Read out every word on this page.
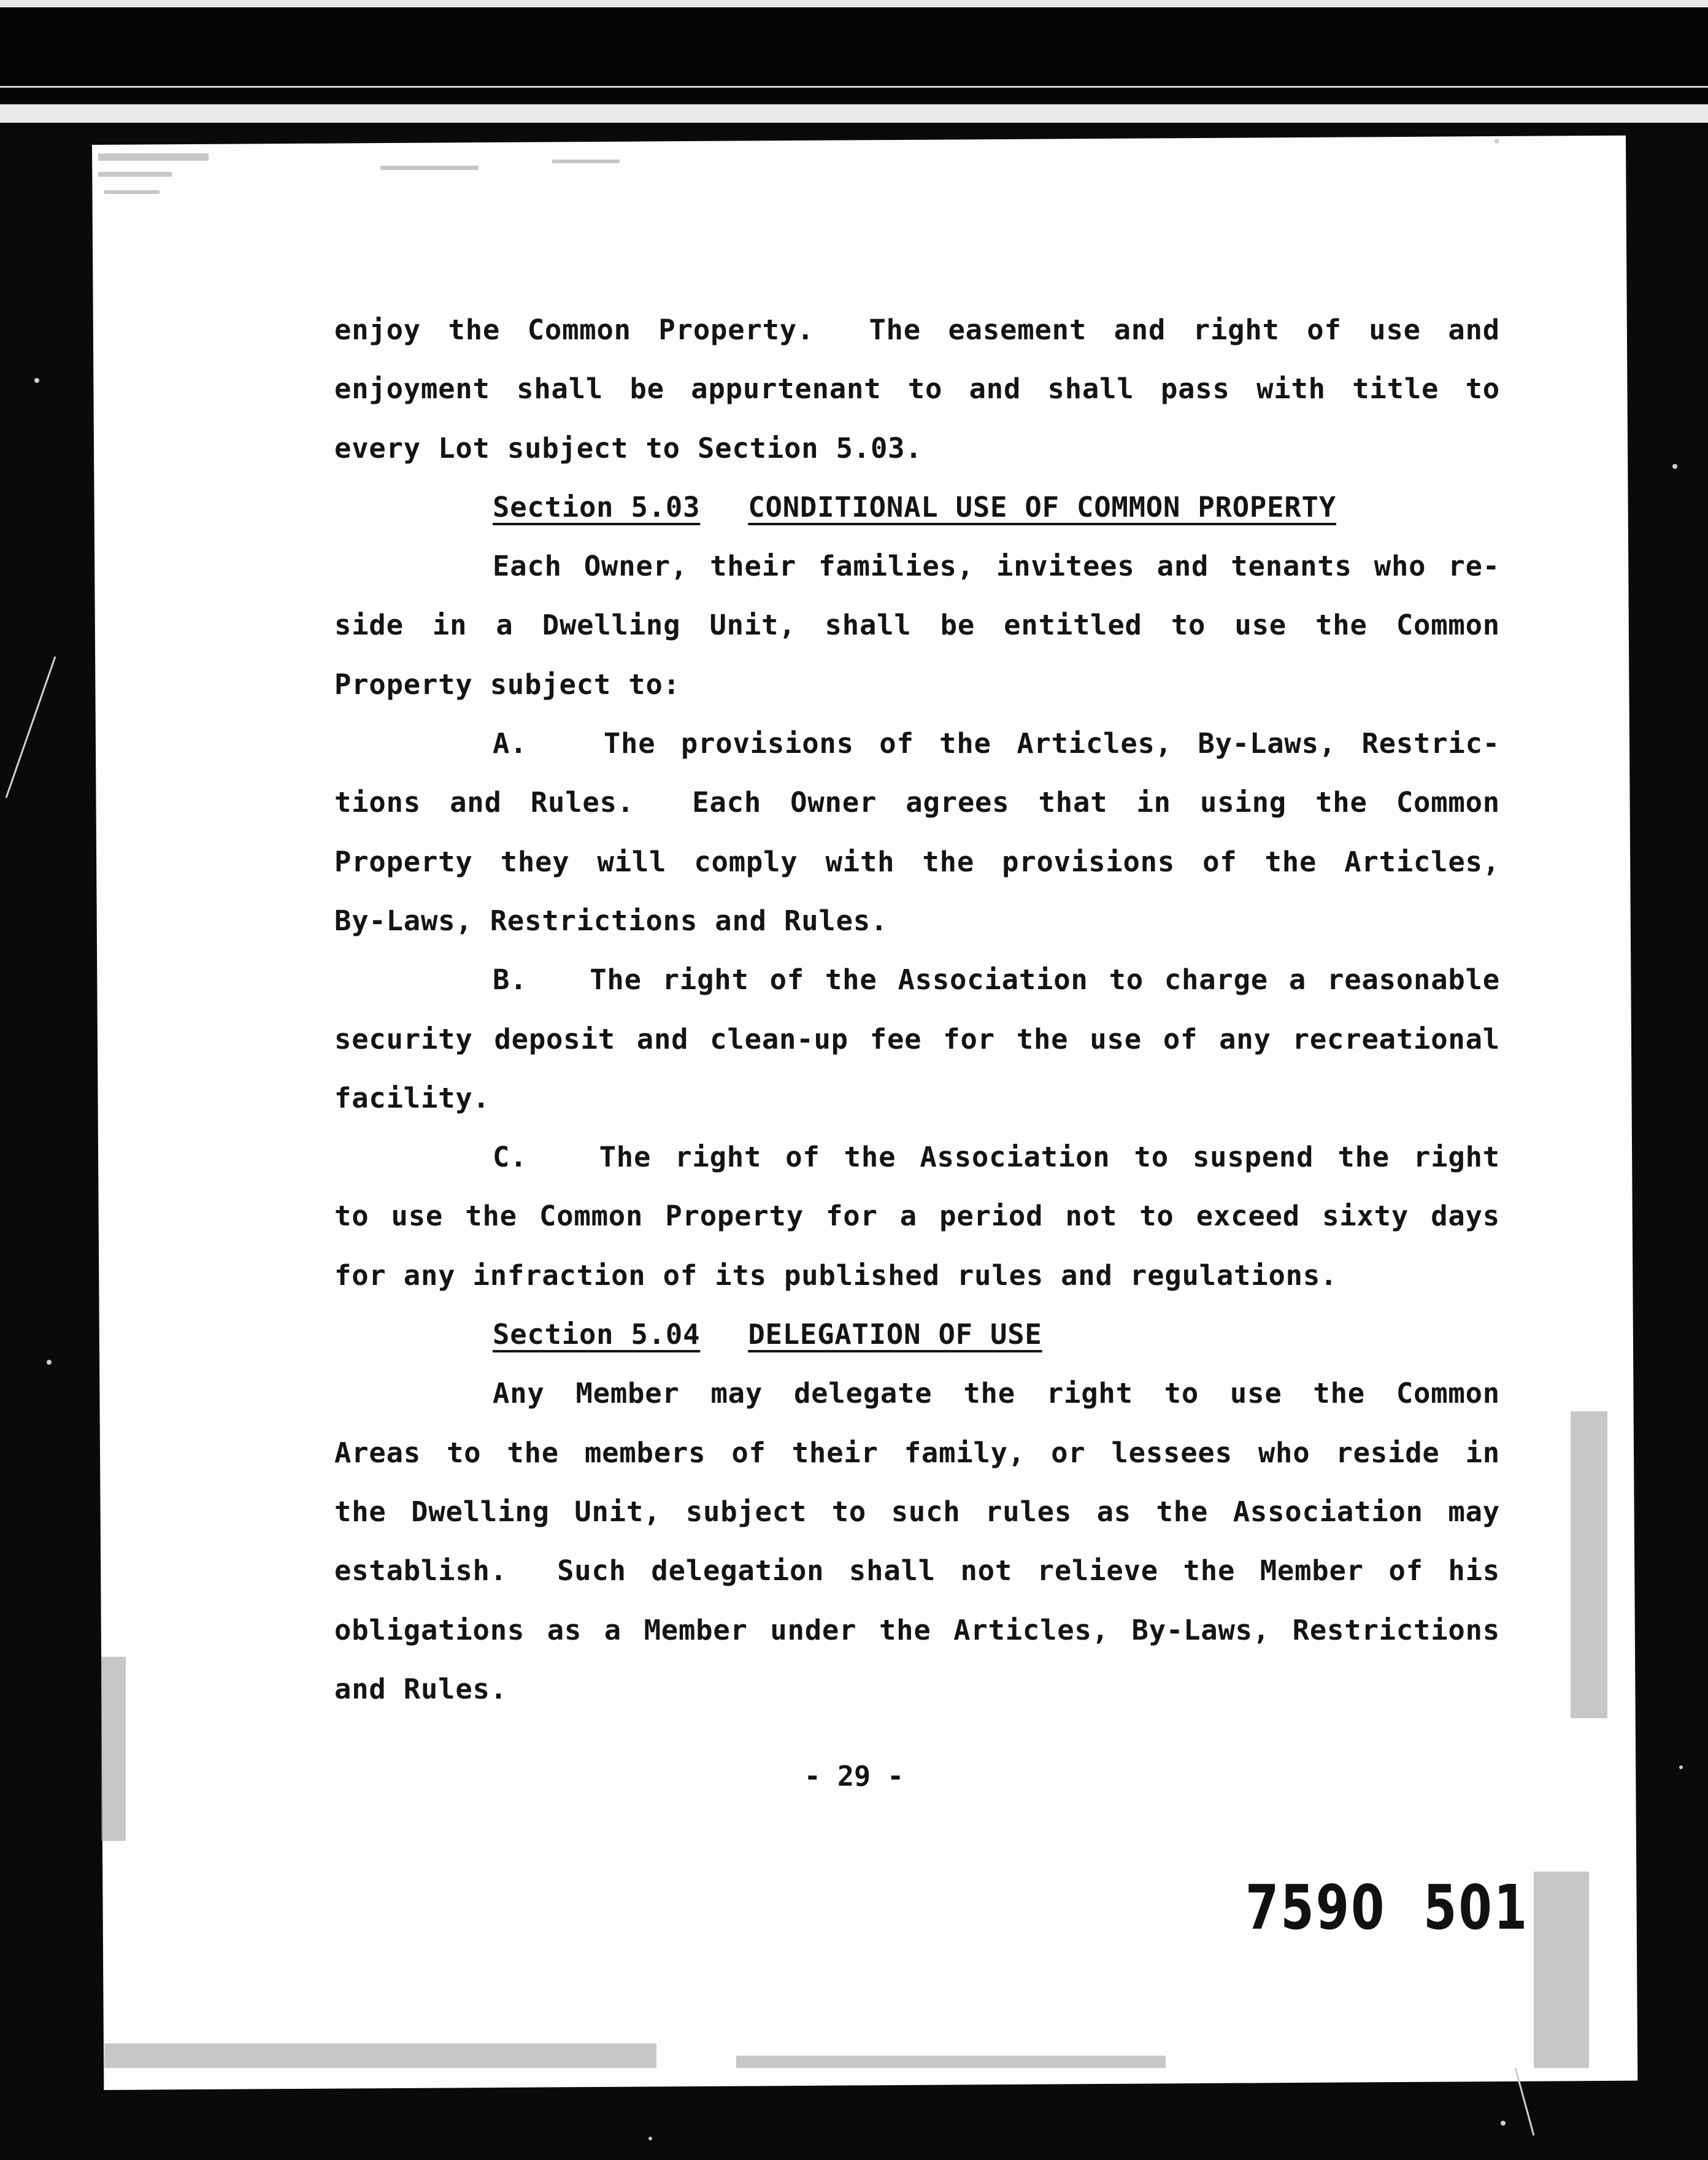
enjoy the Common Property.  The easement and right of use and
enjoyment shall be appurtenant to and shall pass with title to
every Lot subject to Section 5.03.
Section 5.03 CONDITIONAL USE OF COMMON PROPERTY
Each Owner, their families, invitees and tenants who re-
side in a Dwelling Unit, shall be entitled to use the Common
Property subject to:
A.   The provisions of the Articles, By-Laws, Restric-
tions and Rules.  Each Owner agrees that in using the Common
Property they will comply with the provisions of the Articles,
By-Laws, Restrictions and Rules.
B.   The right of the Association to charge a reasonable
security deposit and clean-up fee for the use of any recreational
facility.
C.   The right of the Association to suspend the right
to use the Common Property for a period not to exceed sixty days
for any infraction of its published rules and regulations.
Section 5.04 DELEGATION OF USE
Any Member may delegate the right to use the Common
Areas to the members of their family, or lessees who reside in
the Dwelling Unit, subject to such rules as the Association may
establish.  Such delegation shall not relieve the Member of his
obligations as a Member under the Articles, By-Laws, Restrictions
and Rules.
- 29 -
7590 501
